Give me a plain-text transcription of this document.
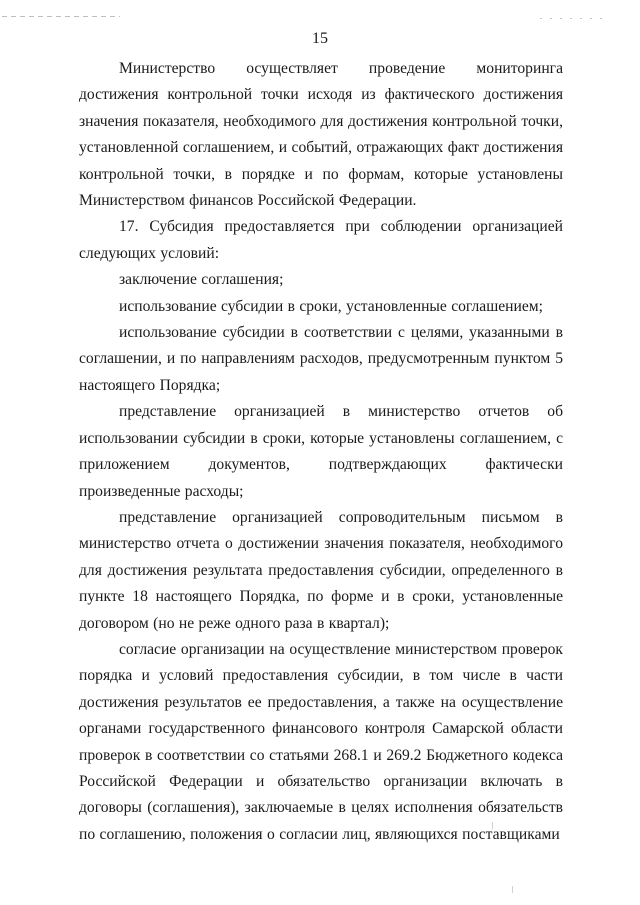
15

Министерство осуществляет проведение мониторинга достижения контрольной точки исходя из фактического достижения значения показателя, необходимого для достижения контрольной точки, установленной соглашением, и событий, отражающих факт достижения контрольной точки, в порядке и по формам, которые установлены Министерством финансов Российской Федерации.

17. Субсидия предоставляется при соблюдении организацией следующих условий:

заключение соглашения;

использование субсидии в сроки, установленные соглашением;

использование субсидии в соответствии с целями, указанными в соглашении, и по направлениям расходов, предусмотренным пунктом 5 настоящего Порядка;

представление организацией в министерство отчетов об использовании субсидии в сроки, которые установлены соглашением, с приложением документов, подтверждающих фактически произведенные расходы;

представление организацией сопроводительным письмом в министерство отчета о достижении значения показателя, необходимого для достижения результата предоставления субсидии, определенного в пункте 18 настоящего Порядка, по форме и в сроки, установленные договором (но не реже одного раза в квартал);

согласие организации на осуществление министерством проверок порядка и условий предоставления субсидии, в том числе в части достижения результатов ее предоставления, а также на осуществление органами государственного финансового контроля Самарской области проверок в соответствии со статьями 268.1 и 269.2 Бюджетного кодекса Российской Федерации и обязательство организации включать в договоры (соглашения), заключаемые в целях исполнения обязательств по соглашению, положения о согласии лиц, являющихся поставщиками
